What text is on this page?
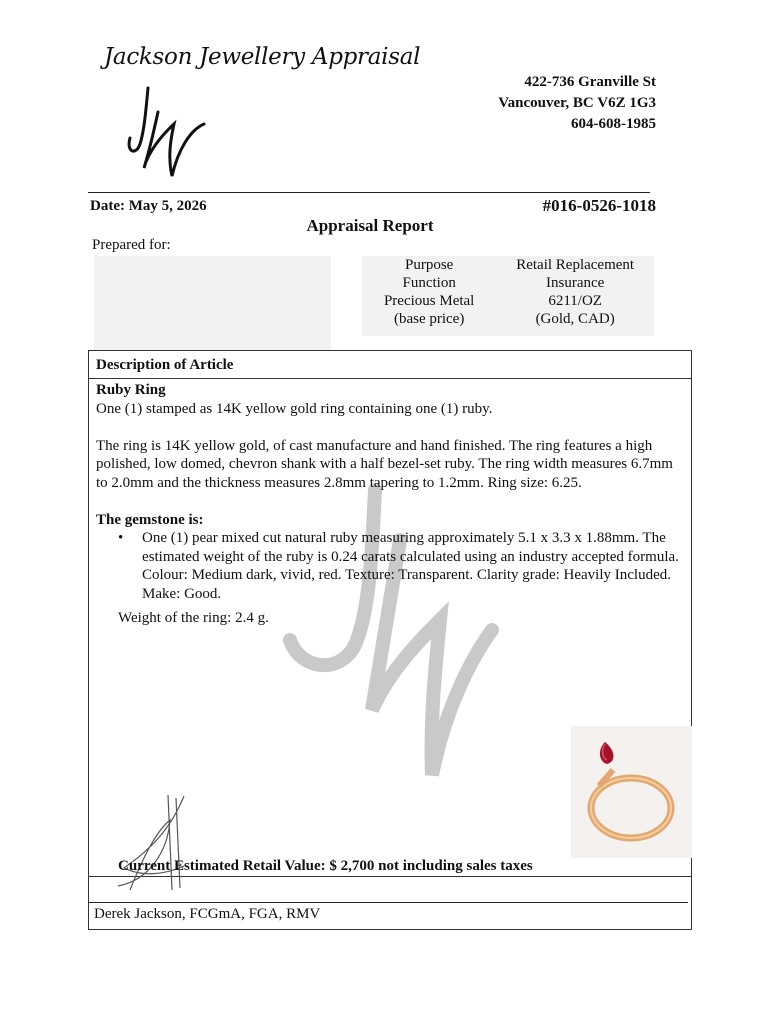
Jackson Jewellery Appraisal
422-736 Granville St
Vancouver, BC V6Z 1G3
604-608-1985
Date: May 5, 2026	#016-0526-1018
Appraisal Report
Prepared for:
Purpose	Retail Replacement
Function	Insurance
Precious Metal	6211/OZ
(base price)	(Gold, CAD)
Description of Article

Ruby Ring

One (1) stamped as 14K yellow gold ring containing one (1) ruby.

The ring is 14K yellow gold, of cast manufacture and hand finished. The ring features a high polished, low domed, chevron shank with a half bezel-set ruby. The ring width measures 6.7mm to 2.0mm and the thickness measures 2.8mm tapering to 1.2mm. Ring size: 6.25.

The gemstone is:

•	One (1) pear mixed cut natural ruby measuring approximately 5.1 x 3.3 x 1.88mm. The estimated weight of the ruby is 0.24 carats calculated using an industry accepted formula. Colour: Medium dark, vivid, red. Texture: Transparent. Clarity grade: Heavily Included. Make: Good.

Weight of the ring: 2.4 g.

Current Estimated Retail Value: $ 2,700 not including sales taxes
Derek Jackson, FCGmA, FGA, RMV
